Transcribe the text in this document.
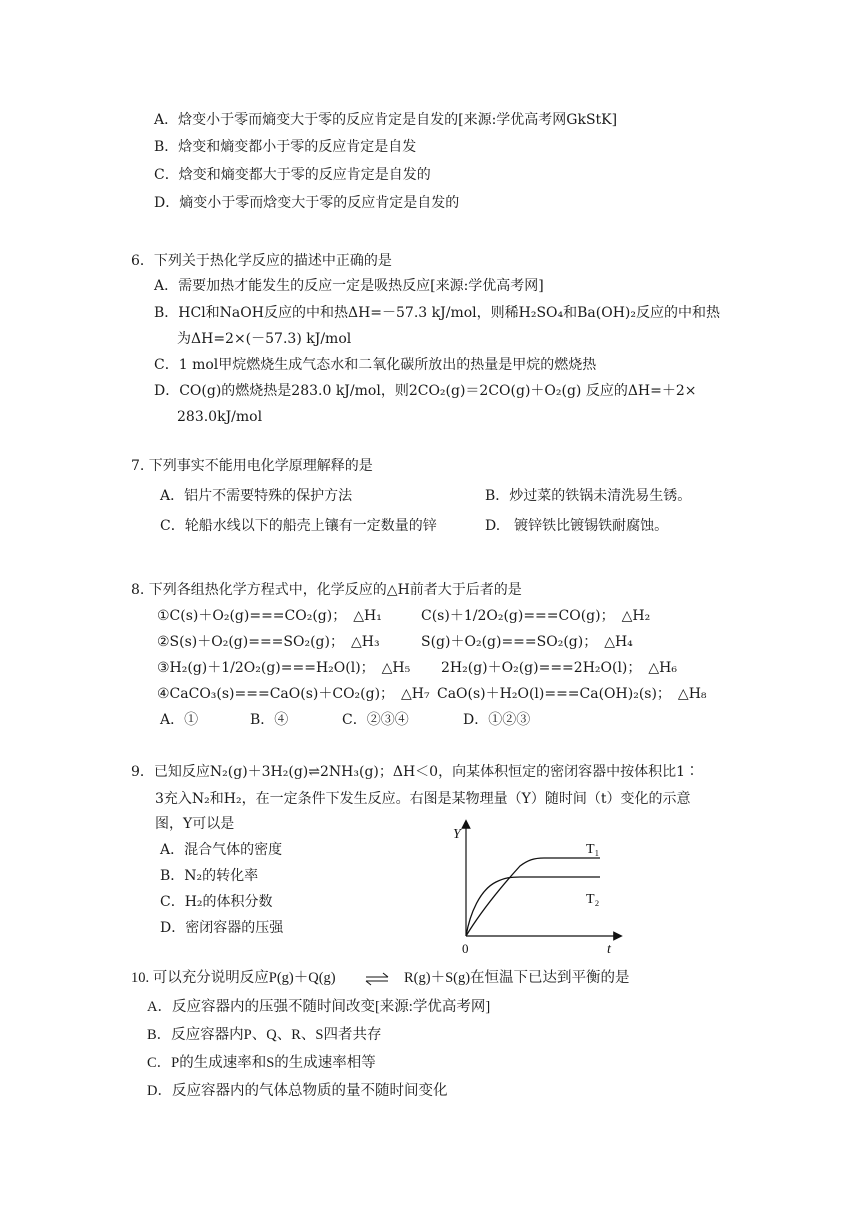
A．焓变小于零而熵变大于零的反应肯定是自发的[来源:学优高考网GkStK]
B．焓变和熵变都小于零的反应肯定是自发
C．焓变和熵变都大于零的反应肯定是自发的
D．熵变小于零而焓变大于零的反应肯定是自发的
6．下列关于热化学反应的描述中正确的是
A．需要加热才能发生的反应一定是吸热反应[来源:学优高考网]
B．HCl和NaOH反应的中和热ΔH=－57.3 kJ/mol，则稀H₂SO₄和Ba(OH)₂反应的中和热
为ΔH=2×(－57.3) kJ/mol
C．1 mol甲烷燃烧生成气态水和二氧化碳所放出的热量是甲烷的燃烧热
D．CO(g)的燃烧热是283.0 kJ/mol，则2CO₂(g)＝2CO(g)＋O₂(g) 反应的ΔH=＋2×
283.0kJ/mol
7. 下列事实不能用电化学原理解释的是
A．铝片不需要特殊的保护方法	B．炒过菜的铁锅未清洗易生锈。
C．轮船水线以下的船壳上镶有一定数量的锌	D.　镀锌铁比镀锡铁耐腐蚀。
8. 下列各组热化学方程式中，化学反应的△H前者大于后者的是
①C(s)＋O₂(g)===CO₂(g)；　△H₁	C(s)＋1/2O₂(g)===CO(g)；　△H₂
②S(s)＋O₂(g)===SO₂(g)；　△H₃	S(g)＋O₂(g)===SO₂(g)；　△H₄
③H₂(g)＋1/2O₂(g)===H₂O(l)；　△H₅ 2H₂(g)＋O₂(g)===2H₂O(l)；　△H₆
④CaCO₃(s)===CaO(s)＋CO₂(g)；　△H₇ CaO(s)＋H₂O(l)===Ca(OH)₂(s)；　△H₈
A．①	B．④	C．②③④	D．①②③
9．已知反应N₂(g)＋3H₂(g)⇌2NH₃(g)；ΔH＜0，向某体积恒定的密闭容器中按体积比1∶
3充入N₂和H₂，在一定条件下发生反应。右图是某物理量（Y）随时间（t）变化的示意
图，Y可以是
A．混合气体的密度
B．N₂的转化率
C．H₂的体积分数
D．密闭容器的压强
Y
t
0
T₁
T₂
10. 可以充分说明反应P(g)＋Q(g) ⇌ R(g)＋S(g)在恒温下已达到平衡的是
A．反应容器内的压强不随时间改变[来源:学优高考网]
B．反应容器内P、Q、R、S四者共存
C．P的生成速率和S的生成速率相等
D．反应容器内的气体总物质的量不随时间变化
